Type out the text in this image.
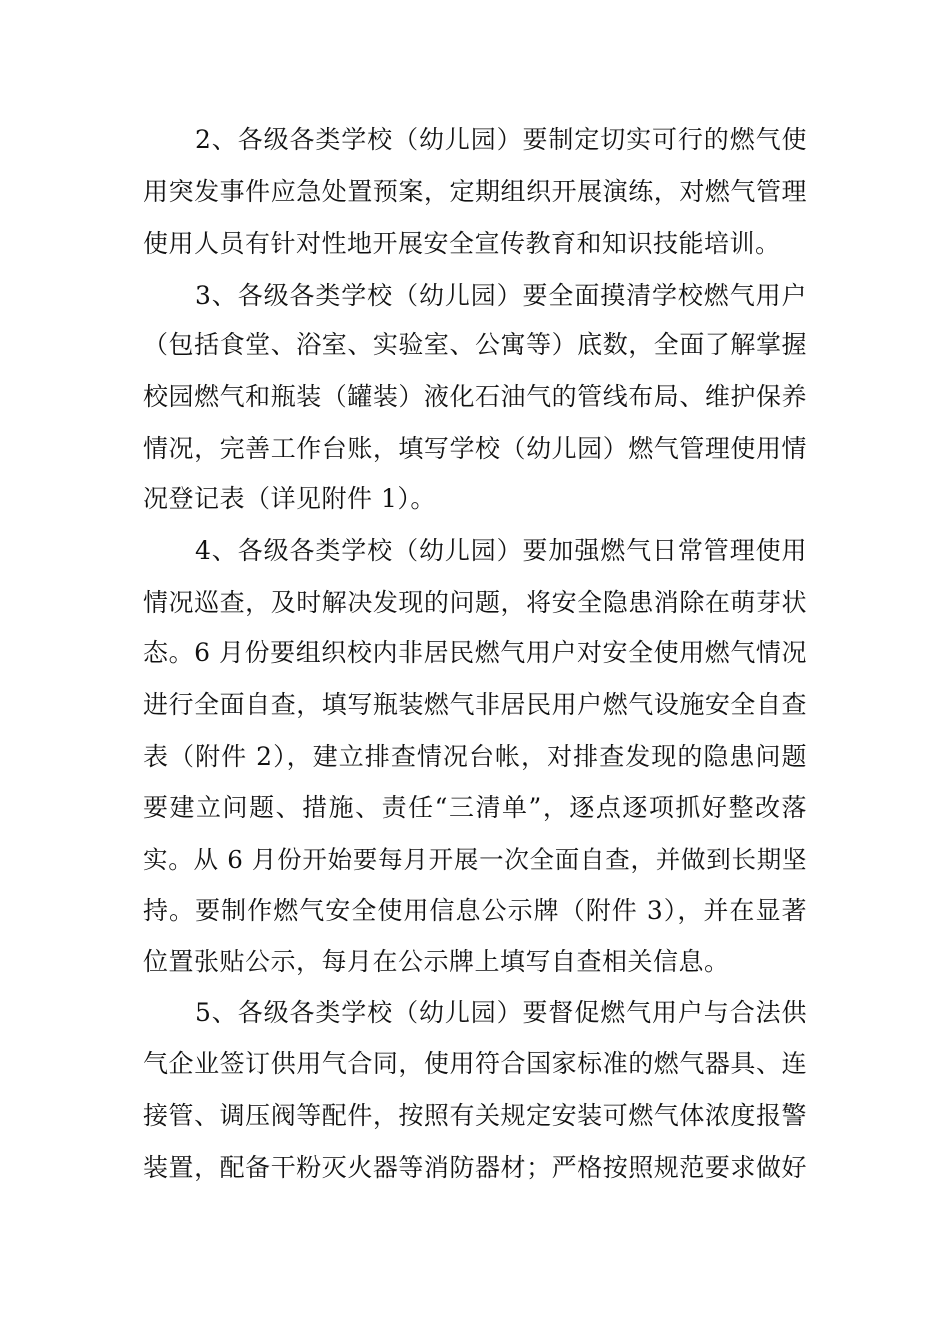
2、各级各类学校（幼儿园）要制定切实可行的燃气使
用突发事件应急处置预案，定期组织开展演练，对燃气管理
使用人员有针对性地开展安全宣传教育和知识技能培训。
3、各级各类学校（幼儿园）要全面摸清学校燃气用户
（包括食堂、浴室、实验室、公寓等）底数，全面了解掌握
校园燃气和瓶装（罐装）液化石油气的管线布局、维护保养
情况，完善工作台账，填写学校（幼儿园）燃气管理使用情
况登记表（详见附件 1）。
4、各级各类学校（幼儿园）要加强燃气日常管理使用
情况巡查，及时解决发现的问题，将安全隐患消除在萌芽状
态。6 月份要组织校内非居民燃气用户对安全使用燃气情况
进行全面自查，填写瓶装燃气非居民用户燃气设施安全自查
表（附件 2），建立排查情况台帐，对排查发现的隐患问题
要建立问题、措施、责任“三清单”，逐点逐项抓好整改落
实。从 6 月份开始要每月开展一次全面自查，并做到长期坚
持。要制作燃气安全使用信息公示牌（附件 3），并在显著
位置张贴公示，每月在公示牌上填写自查相关信息。
5、各级各类学校（幼儿园）要督促燃气用户与合法供
气企业签订供用气合同，使用符合国家标准的燃气器具、连
接管、调压阀等配件，按照有关规定安装可燃气体浓度报警
装置，配备干粉灭火器等消防器材；严格按照规范要求做好
